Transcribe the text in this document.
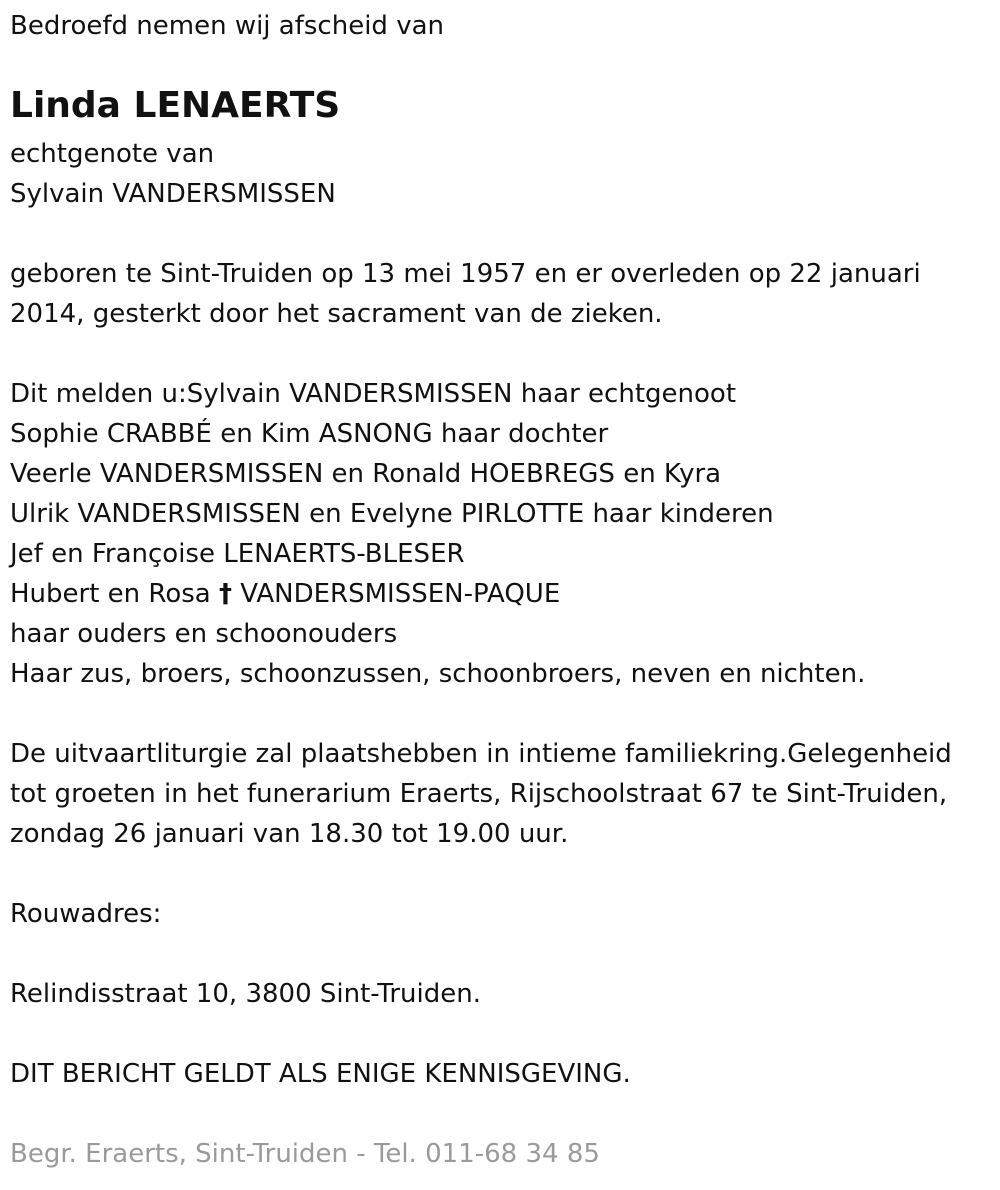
Bedroefd nemen wij afscheid van
Linda LENAERTS
echtgenote van
Sylvain VANDERSMISSEN
geboren te Sint-Truiden op 13 mei 1957 en er overleden op 22 januari
2014, gesterkt door het sacrament van de zieken.
Dit melden u:Sylvain VANDERSMISSEN haar echtgenoot
Sophie CRABBÉ en Kim ASNONG haar dochter
Veerle VANDERSMISSEN en Ronald HOEBREGS en Kyra
Ulrik VANDERSMISSEN en Evelyne PIRLOTTE haar kinderen
Jef en Françoise LENAERTS-BLESER
Hubert en Rosa † VANDERSMISSEN-PAQUE
haar ouders en schoonouders
Haar zus, broers, schoonzussen, schoonbroers, neven en nichten.
De uitvaartliturgie zal plaatshebben in intieme familiekring.Gelegenheid
tot groeten in het funerarium Eraerts, Rijschoolstraat 67 te Sint-Truiden,
zondag 26 januari van 18.30 tot 19.00 uur.
Rouwadres:
Relindisstraat 10, 3800 Sint-Truiden.
DIT BERICHT GELDT ALS ENIGE KENNISGEVING.
Begr. Eraerts, Sint-Truiden - Tel. 011-68 34 85
